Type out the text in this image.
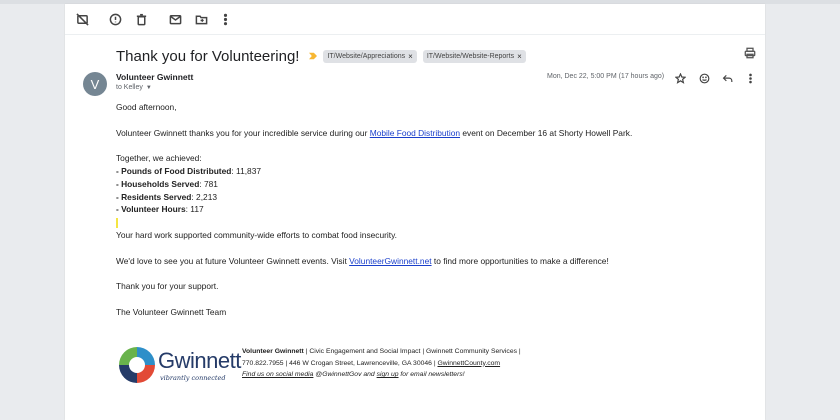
Thank you for Volunteering!	IT/Website/Appreciations × IT/Website/Website-Reports ×
V	Volunteer Gwinnett
to Kelley ▼
Mon, Dec 22, 5:00 PM (17 hours ago)

Good afternoon,

Volunteer Gwinnett thanks you for your incredible service during our Mobile Food Distribution event on December 16 at Shorty Howell Park.

Together, we achieved:

- Pounds of Food Distributed: 11,837

- Households Served: 781

- Residents Served: 2,213

- Volunteer Hours: 117

Your hard work supported community-wide efforts to combat food insecurity.

We'd love to see you at future Volunteer Gwinnett events. Visit VolunteerGwinnett.net to find more opportunities to make a difference!

Thank you for your support.

The Volunteer Gwinnett Team

Gwinnett
vibrantly connected
Volunteer Gwinnett | Civic Engagement and Social Impact | Gwinnett Community Services |
770.822.7955 | 446 W Crogan Street, Lawrenceville, GA 30046 | GwinnettCounty.com
Find us on social media @GwinnettGov and sign up for email newsletters!
